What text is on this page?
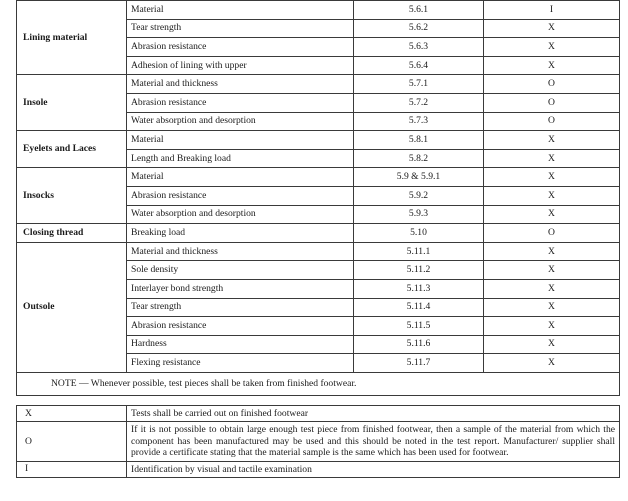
Lining material	Material	5.6.1	I
	Tear strength	5.6.2	X
	Abrasion resistance	5.6.3	X
	Adhesion of lining with upper	5.6.4	X
Insole	Material and thickness	5.7.1	O
	Abrasion resistance	5.7.2	O
	Water absorption and desorption	5.7.3	O
Eyelets and Laces	Material	5.8.1	X
	Length and Breaking load	5.8.2	X
Insocks	Material	5.9 & 5.9.1	X
	Abrasion resistance	5.9.2	X
	Water absorption and desorption	5.9.3	X
Closing thread	Breaking load	5.10	O
Outsole	Material and thickness	5.11.1	X
	Sole density	5.11.2	X
	Interlayer bond strength	5.11.3	X
	Tear strength	5.11.4	X
	Abrasion resistance	5.11.5	X
	Hardness	5.11.6	X
	Flexing resistance	5.11.7	X
NOTE — Whenever possible, test pieces shall be taken from finished footwear.			
X	Tests shall be carried out on finished footwear
O	If it is not possible to obtain large enough test piece from finished footwear, then a sample of the material from which the component has been manufactured may be used and this should be noted in the test report. Manufacturer/ supplier shall provide a certificate stating that the material sample is the same which has been used for footwear.
I	Identification by visual and tactile examination
